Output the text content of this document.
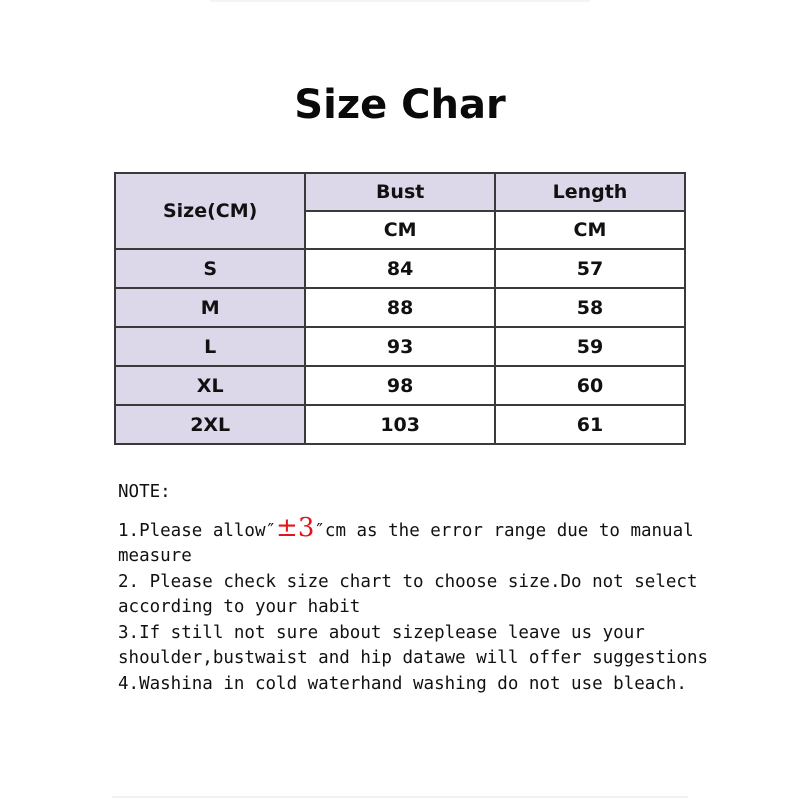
Size Char
Size(CM)	Bust	Length
	CM	CM
S	84	57
M	88	58
L	93	59
XL	98	60
2XL	103	61

NOTE:

1.Please allow″±3″cm as the error range due to manual measure

2. Please check size chart to choose size.Do not select according to your habit

3.If still not sure about sizeplease leave us your shoulder,bustwaist and hip datawe will offer suggestions

4.Washina in cold waterhand washing do not use bleach.
